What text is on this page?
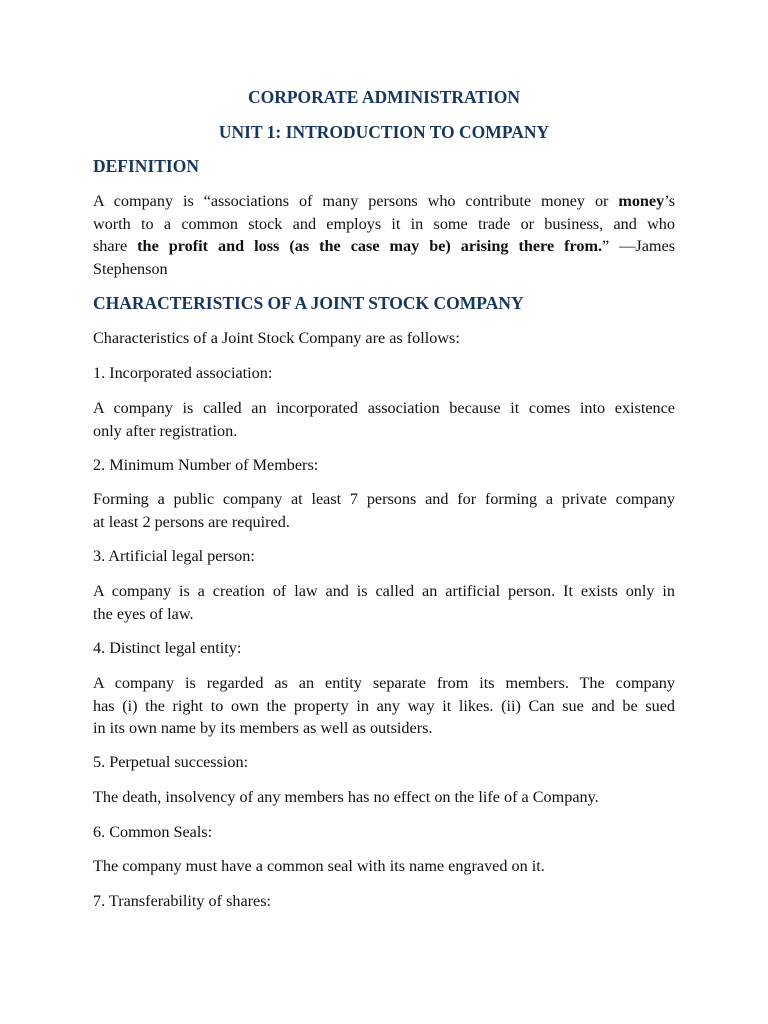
CORPORATE ADMINISTRATION
UNIT 1: INTRODUCTION TO COMPANY
DEFINITION
A company is “associations of many persons who contribute money or money’s
worth to a common stock and employs it in some trade or business, and who
share the profit and loss (as the case may be) arising there from.” —James
Stephenson
CHARACTERISTICS OF A JOINT STOCK COMPANY
Characteristics of a Joint Stock Company are as follows:
1. Incorporated association:
A company is called an incorporated association because it comes into existence
only after registration.
2. Minimum Number of Members:
Forming a public company at least 7 persons and for forming a private company
at least 2 persons are required.
3. Artificial legal person:
A company is a creation of law and is called an artificial person. It exists only in
the eyes of law.
4. Distinct legal entity:
A company is regarded as an entity separate from its members. The company
has (i) the right to own the property in any way it likes. (ii) Can sue and be sued
in its own name by its members as well as outsiders.
5. Perpetual succession:
The death, insolvency of any members has no effect on the life of a Company.
6. Common Seals:
The company must have a common seal with its name engraved on it.
7. Transferability of shares:
